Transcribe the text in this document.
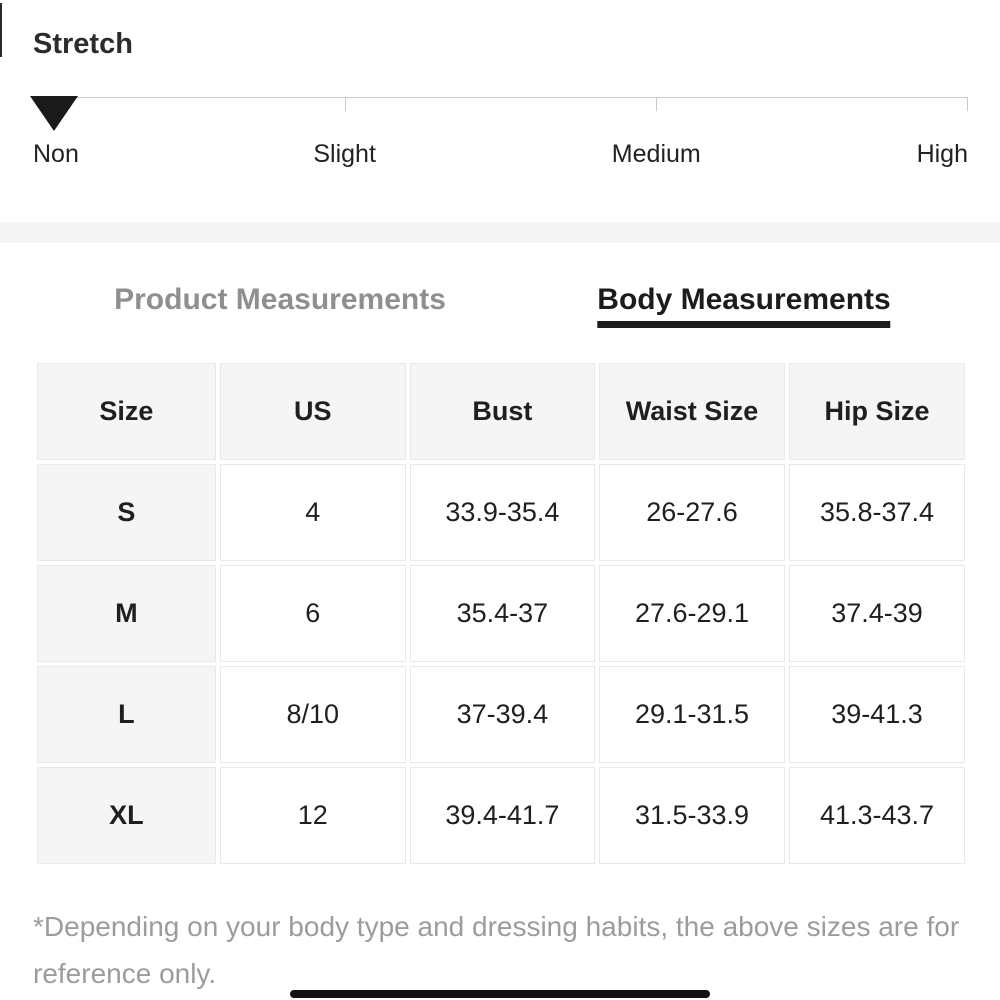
Stretch
Non	Slight	Medium	High
Product Measurements	Body Measurements
Size	US	Bust	Waist Size	Hip Size
S	4	33.9-35.4	26-27.6	35.8-37.4
M	6	35.4-37	27.6-29.1	37.4-39
L	8/10	37-39.4	29.1-31.5	39-41.3
XL	12	39.4-41.7	31.5-33.9	41.3-43.7
*Depending on your body type and dressing habits, the above sizes are for reference only.
